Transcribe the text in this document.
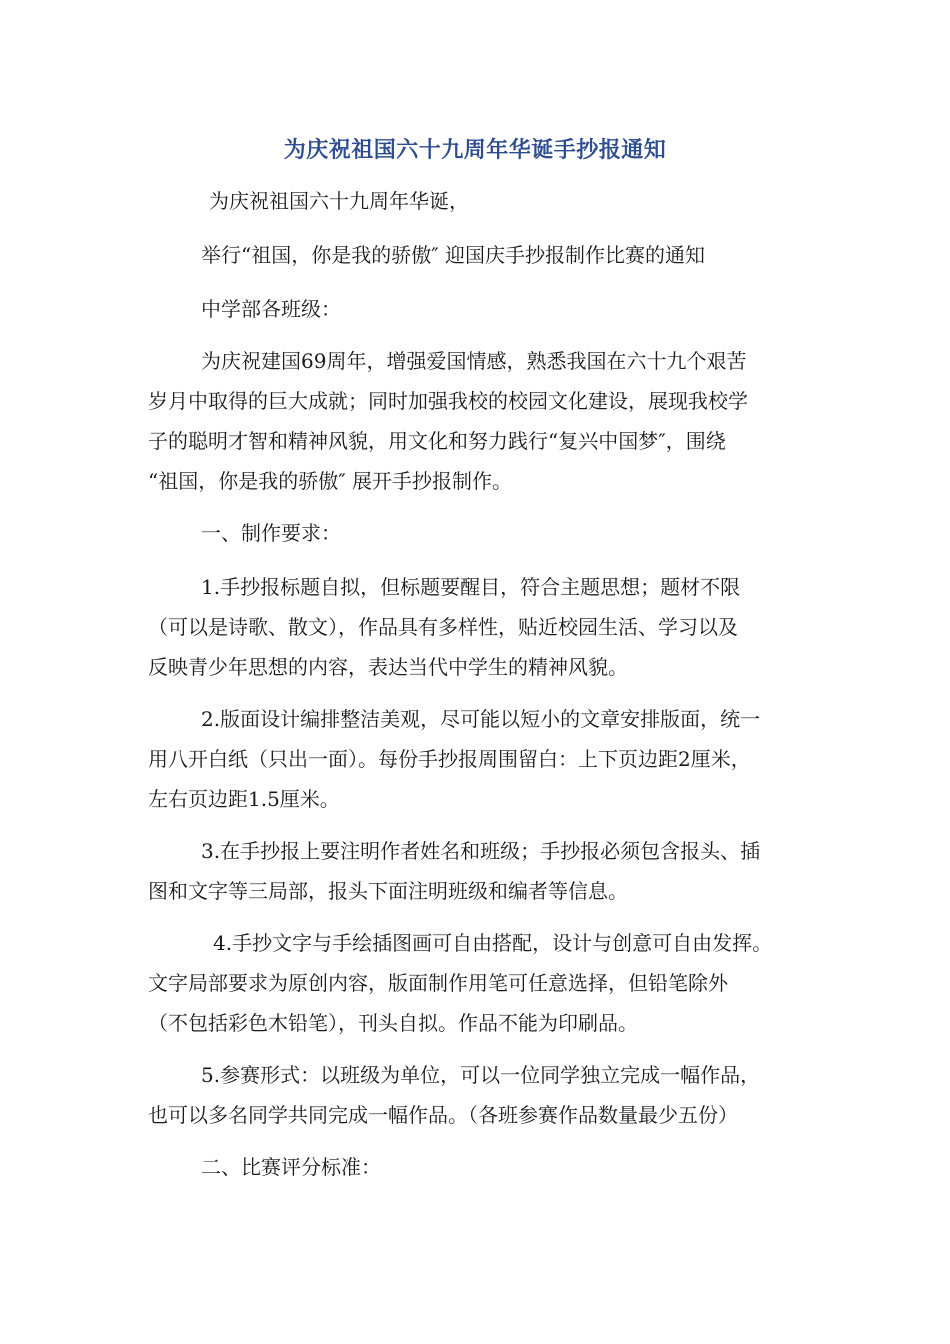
为庆祝祖国六十九周年华诞手抄报通知
为庆祝祖国六十九周年华诞，
举行“祖国，你是我的骄傲″ 迎国庆手抄报制作比赛的通知
中学部各班级：
为庆祝建国69周年，增强爱国情感，熟悉我国在六十九个艰苦
岁月中取得的巨大成就；同时加强我校的校园文化建设，展现我校学
子的聪明才智和精神风貌，用文化和努力践行“复兴中国梦″，围绕
“祖国，你是我的骄傲″ 展开手抄报制作。
一、制作要求：
1.手抄报标题自拟，但标题要醒目，符合主题思想；题材不限
（可以是诗歌、散文），作品具有多样性，贴近校园生活、学习以及
反映青少年思想的内容，表达当代中学生的精神风貌。
2.版面设计编排整洁美观，尽可能以短小的文章安排版面，统一
用八开白纸（只出一面）。每份手抄报周围留白：上下页边距2厘米，
左右页边距1.5厘米。
3.在手抄报上要注明作者姓名和班级；手抄报必须包含报头、插
图和文字等三局部，报头下面注明班级和编者等信息。
4.手抄文字与手绘插图画可自由搭配，设计与创意可自由发挥。
文字局部要求为原创内容，版面制作用笔可任意选择，但铅笔除外
（不包括彩色木铅笔），刊头自拟。作品不能为印刷品。
5.参赛形式：以班级为单位，可以一位同学独立完成一幅作品，
也可以多名同学共同完成一幅作品。（各班参赛作品数量最少五份）
二、比赛评分标准：
